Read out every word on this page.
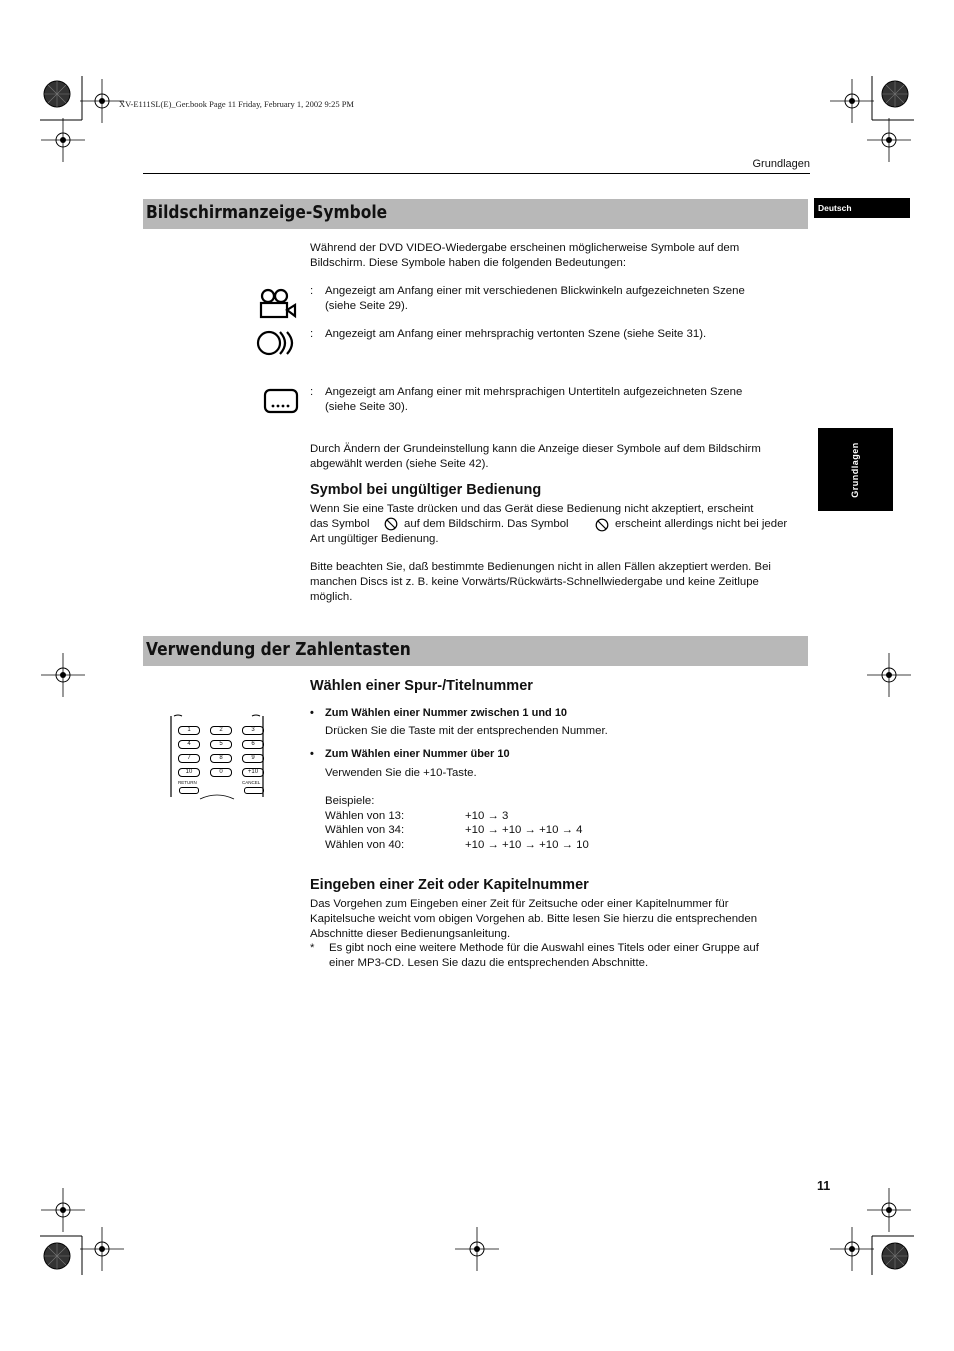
XV-E111SL(E)_Ger.book Page 11 Friday, February 1, 2002 9:25 PM
Grundlagen
Deutsch
Grundlagen
Bildschirmanzeige-Symbole
Während der DVD VIDEO-Wiedergabe erscheinen möglicherweise Symbole auf dem
Bildschirm. Diese Symbole haben die folgenden Bedeutungen:
: Angezeigt am Anfang einer mit verschiedenen Blickwinkeln aufgezeichneten Szene
(siehe Seite 29).
: Angezeigt am Anfang einer mehrsprachig vertonten Szene (siehe Seite 31).
: Angezeigt am Anfang einer mit mehrsprachigen Untertiteln aufgezeichneten Szene
(siehe Seite 30).
Durch Ändern der Grundeinstellung kann die Anzeige dieser Symbole auf dem Bildschirm
abgewählt werden (siehe Seite 42).
Symbol bei ungültiger Bedienung
Wenn Sie eine Taste drücken und das Gerät diese Bedienung nicht akzeptiert, erscheint
das Symbol	auf dem Bildschirm. Das Symbol	erscheint allerdings nicht bei jeder
Art ungültiger Bedienung.
Bitte beachten Sie, daß bestimmte Bedienungen nicht in allen Fällen akzeptiert werden. Bei
manchen Discs ist z. B. keine Vorwärts/Rückwärts-Schnellwiedergabe und keine Zeitlupe
möglich.
Verwendung der Zahlentasten
Wählen einer Spur-/Titelnummer
1	2	3
4	5	6
7	8	9
10	0	+10
RETURN	CANCEL
• Zum Wählen einer Nummer zwischen 1 und 10
Drücken Sie die Taste mit der entsprechenden Nummer.
• Zum Wählen einer Nummer über 10
Verwenden Sie die +10-Taste.
Beispiele:
Wählen von 13:	+10 → 3
Wählen von 34:	+10 → +10 → +10 → 4
Wählen von 40:	+10 → +10 → +10 → 10
Eingeben einer Zeit oder Kapitelnummer
Das Vorgehen zum Eingeben einer Zeit für Zeitsuche oder einer Kapitelnummer für
Kapitelsuche weicht vom obigen Vorgehen ab. Bitte lesen Sie hierzu die entsprechenden
Abschnitte dieser Bedienungsanleitung.
* Es gibt noch eine weitere Methode für die Auswahl eines Titels oder einer Gruppe auf
einer MP3-CD. Lesen Sie dazu die entsprechenden Abschnitte.
11
